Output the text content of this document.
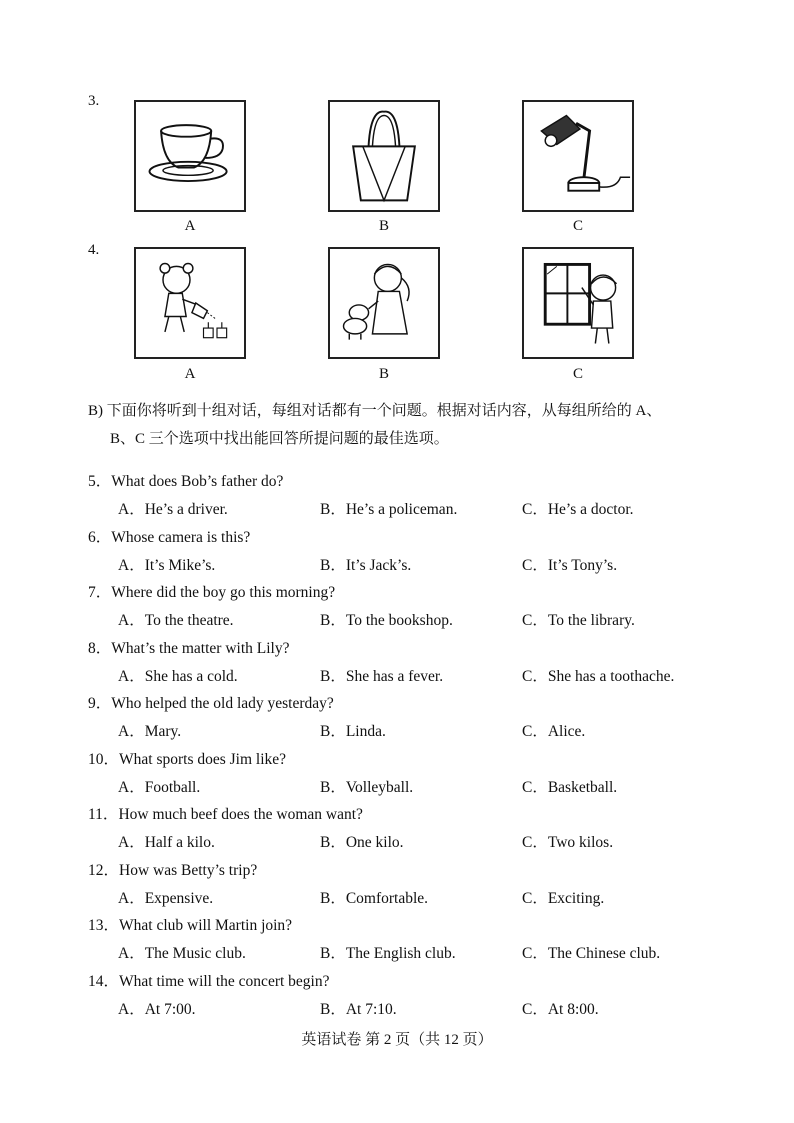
3.
A	B	C
4.
A	B	C
B) 下面你将听到十组对话，每组对话都有一个问题。根据对话内容，从每组所给的 A、
B、C 三个选项中找出能回答所提问题的最佳选项。
5．What does Bob’s father do?
A．He’s a driver.	B．He’s a policeman.	C．He’s a doctor.
6．Whose camera is this?
A．It’s Mike’s.	B．It’s Jack’s.	C．It’s Tony’s.
7．Where did the boy go this morning?
A．To the theatre.	B．To the bookshop.	C．To the library.
8．What’s the matter with Lily?
A．She has a cold.	B．She has a fever.	C．She has a toothache.
9．Who helped the old lady yesterday?
A．Mary.	B．Linda.	C．Alice.
10．What sports does Jim like?
A．Football.	B．Volleyball.	C．Basketball.
11．How much beef does the woman want?
A．Half a kilo.	B．One kilo.	C．Two kilos.
12．How was Betty’s trip?
A．Expensive.	B．Comfortable.	C．Exciting.
13．What club will Martin join?
A．The Music club.	B．The English club.	C．The Chinese club.
14．What time will the concert begin?
A．At 7:00.	B．At 7:10.	C．At 8:00.
英语试卷 第 2 页（共 12 页）
